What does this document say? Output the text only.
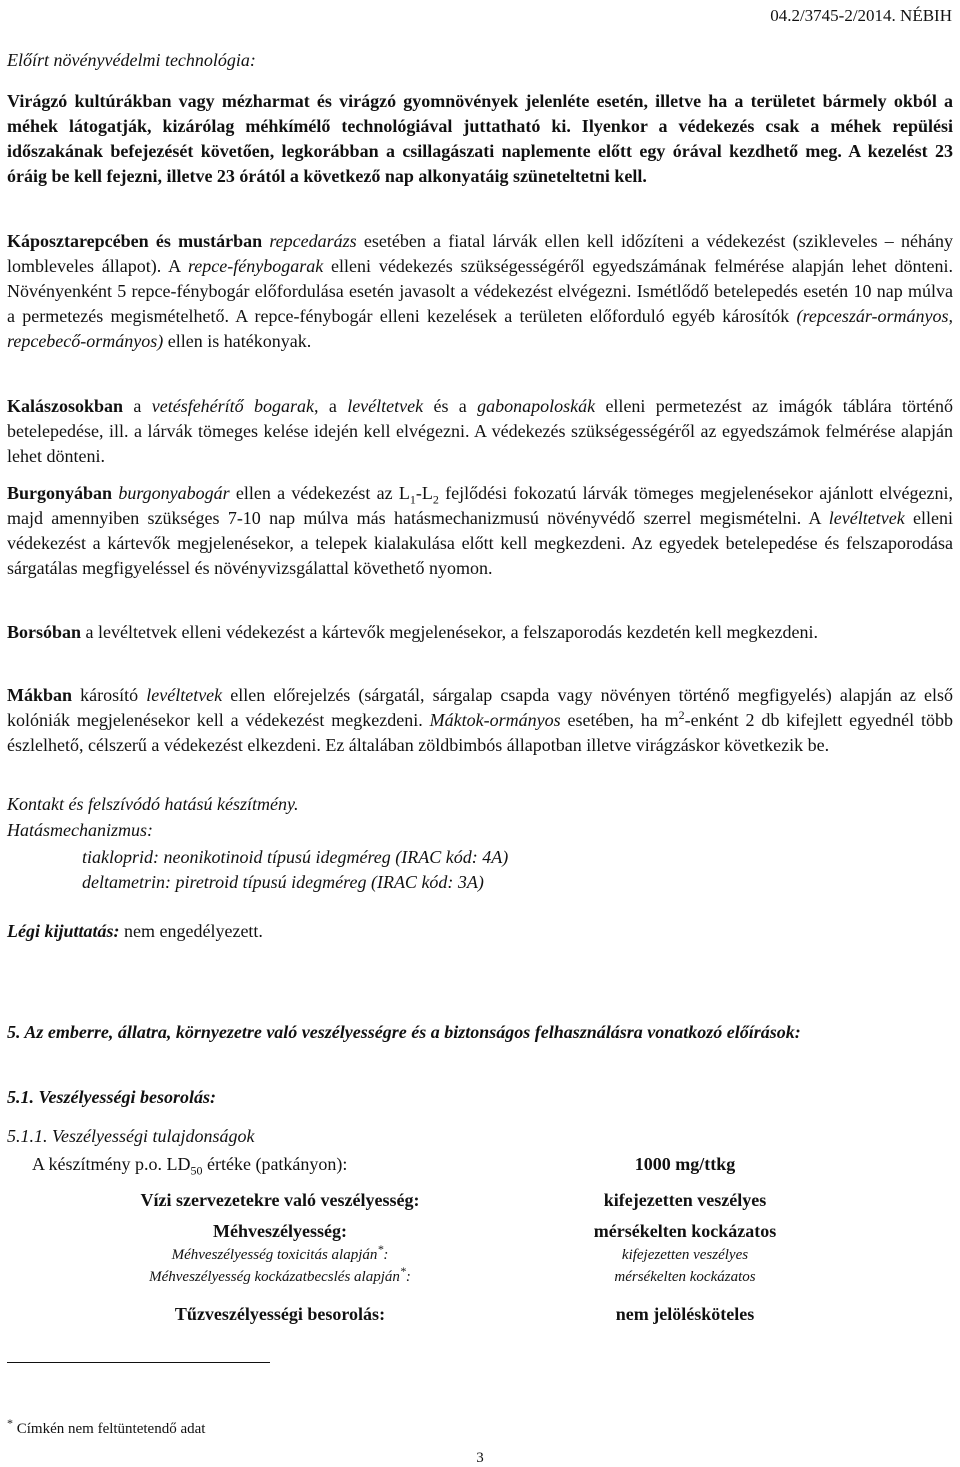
04.2/3745-2/2014. NÉBIH
Előírt növényvédelmi technológia:

Virágzó kultúrákban vagy mézharmat és virágzó gyomnövények jelenléte esetén, illetve ha a területet bármely okból a méhek látogatják, kizárólag méhkímélő technológiával juttatható ki. Ilyenkor a védekezés csak a méhek repülési időszakának befejezését követően, legkorábban a csillagászati naplemente előtt egy órával kezdhető meg. A kezelést 23 óráig be kell fejezni, illetve 23 órától a következő nap alkonyatáig szüneteltetni kell.

Káposztarepcében és mustárban repcedarázs esetében a fiatal lárvák ellen kell időzíteni a védekezést (szikleveles – néhány lombleveles állapot). A repce-fénybogarak elleni védekezés szükségességéről egyedszámának felmérése alapján lehet dönteni. Növényenként 5 repce-fénybogár előfordulása esetén javasolt a védekezést elvégezni. Ismétlődő betelepedés esetén 10 nap múlva a permetezés megismételhető. A repce-fénybogár elleni kezelések a területen előforduló egyéb károsítók (repceszár-ormányos, repcebecő-ormányos) ellen is hatékonyak.

Kalászosokban a vetésfehérítő bogarak, a levéltetvek és a gabonapoloskák elleni permetezést az imágók táblára történő betelepedése, ill. a lárvák tömeges kelése idején kell elvégezni. A védekezés szükségességéről az egyedszámok felmérése alapján lehet dönteni.

Burgonyában burgonyabogár ellen a védekezést az $L_1-L_2$ fejlődési fokozatú lárvák tömeges megjelenésekor ajánlott elvégezni, majd amennyiben szükséges 7-10 nap múlva más hatásmechanizmusú növényvédő szerrel megismételni. A levéltetvek elleni védekezést a kártevők megjelenésekor, a telepek kialakulása előtt kell megkezdeni. Az egyedek betelepedése és felszaporodása sárgatálas megfigyeléssel és növényvizsgálattal követhető nyomon.

Borsóban a levéltetvek elleni védekezést a kártevők megjelenésekor, a felszaporodás kezdetén kell megkezdeni.

Mákban károsító levéltetvek ellen előrejelzés (sárgatál, sárgalap csapda vagy növényen történő megfigyelés) alapján az első kolóniák megjelenésekor kell a védekezést megkezdeni. Máktok-ormányos esetében, ha $m^2$-enként 2 db kifejlett egyednél több észlelhető, célszerű a védekezést elkezdeni. Ez általában zöldbimbós állapotban illetve virágzáskor következik be.

Kontakt és felszívódó hatású készítmény.
Hatásmechanizmus:
tiakloprid: neonikotinoid típusú idegméreg (IRAC kód: 4A)
deltametrin: piretroid típusú idegméreg (IRAC kód: 3A)
Légi kijuttatás: nem engedélyezett.
5. Az emberre, állatra, környezetre való veszélyességre és a biztonságos felhasználásra vonatkozó előírások:
5.1. Veszélyességi besorolás:
5.1.1. Veszélyességi tulajdonságok
A készítmény p.o. $LD_{50}$ értéke (patkányon):	1000 mg/ttkg
Vízi szervezetekre való veszélyesség:	kifejezetten veszélyes
Méhveszélyesség:	mérsékelten kockázatos
Méhveszélyesség toxicitás alapján*:	kifejezetten veszélyes
Méhveszélyesség kockázatbecslés alapján*:	mérsékelten kockázatos
Tűzveszélyességi besorolás:	nem jelölésköteles
* Címkén nem feltüntetendő adat
3
